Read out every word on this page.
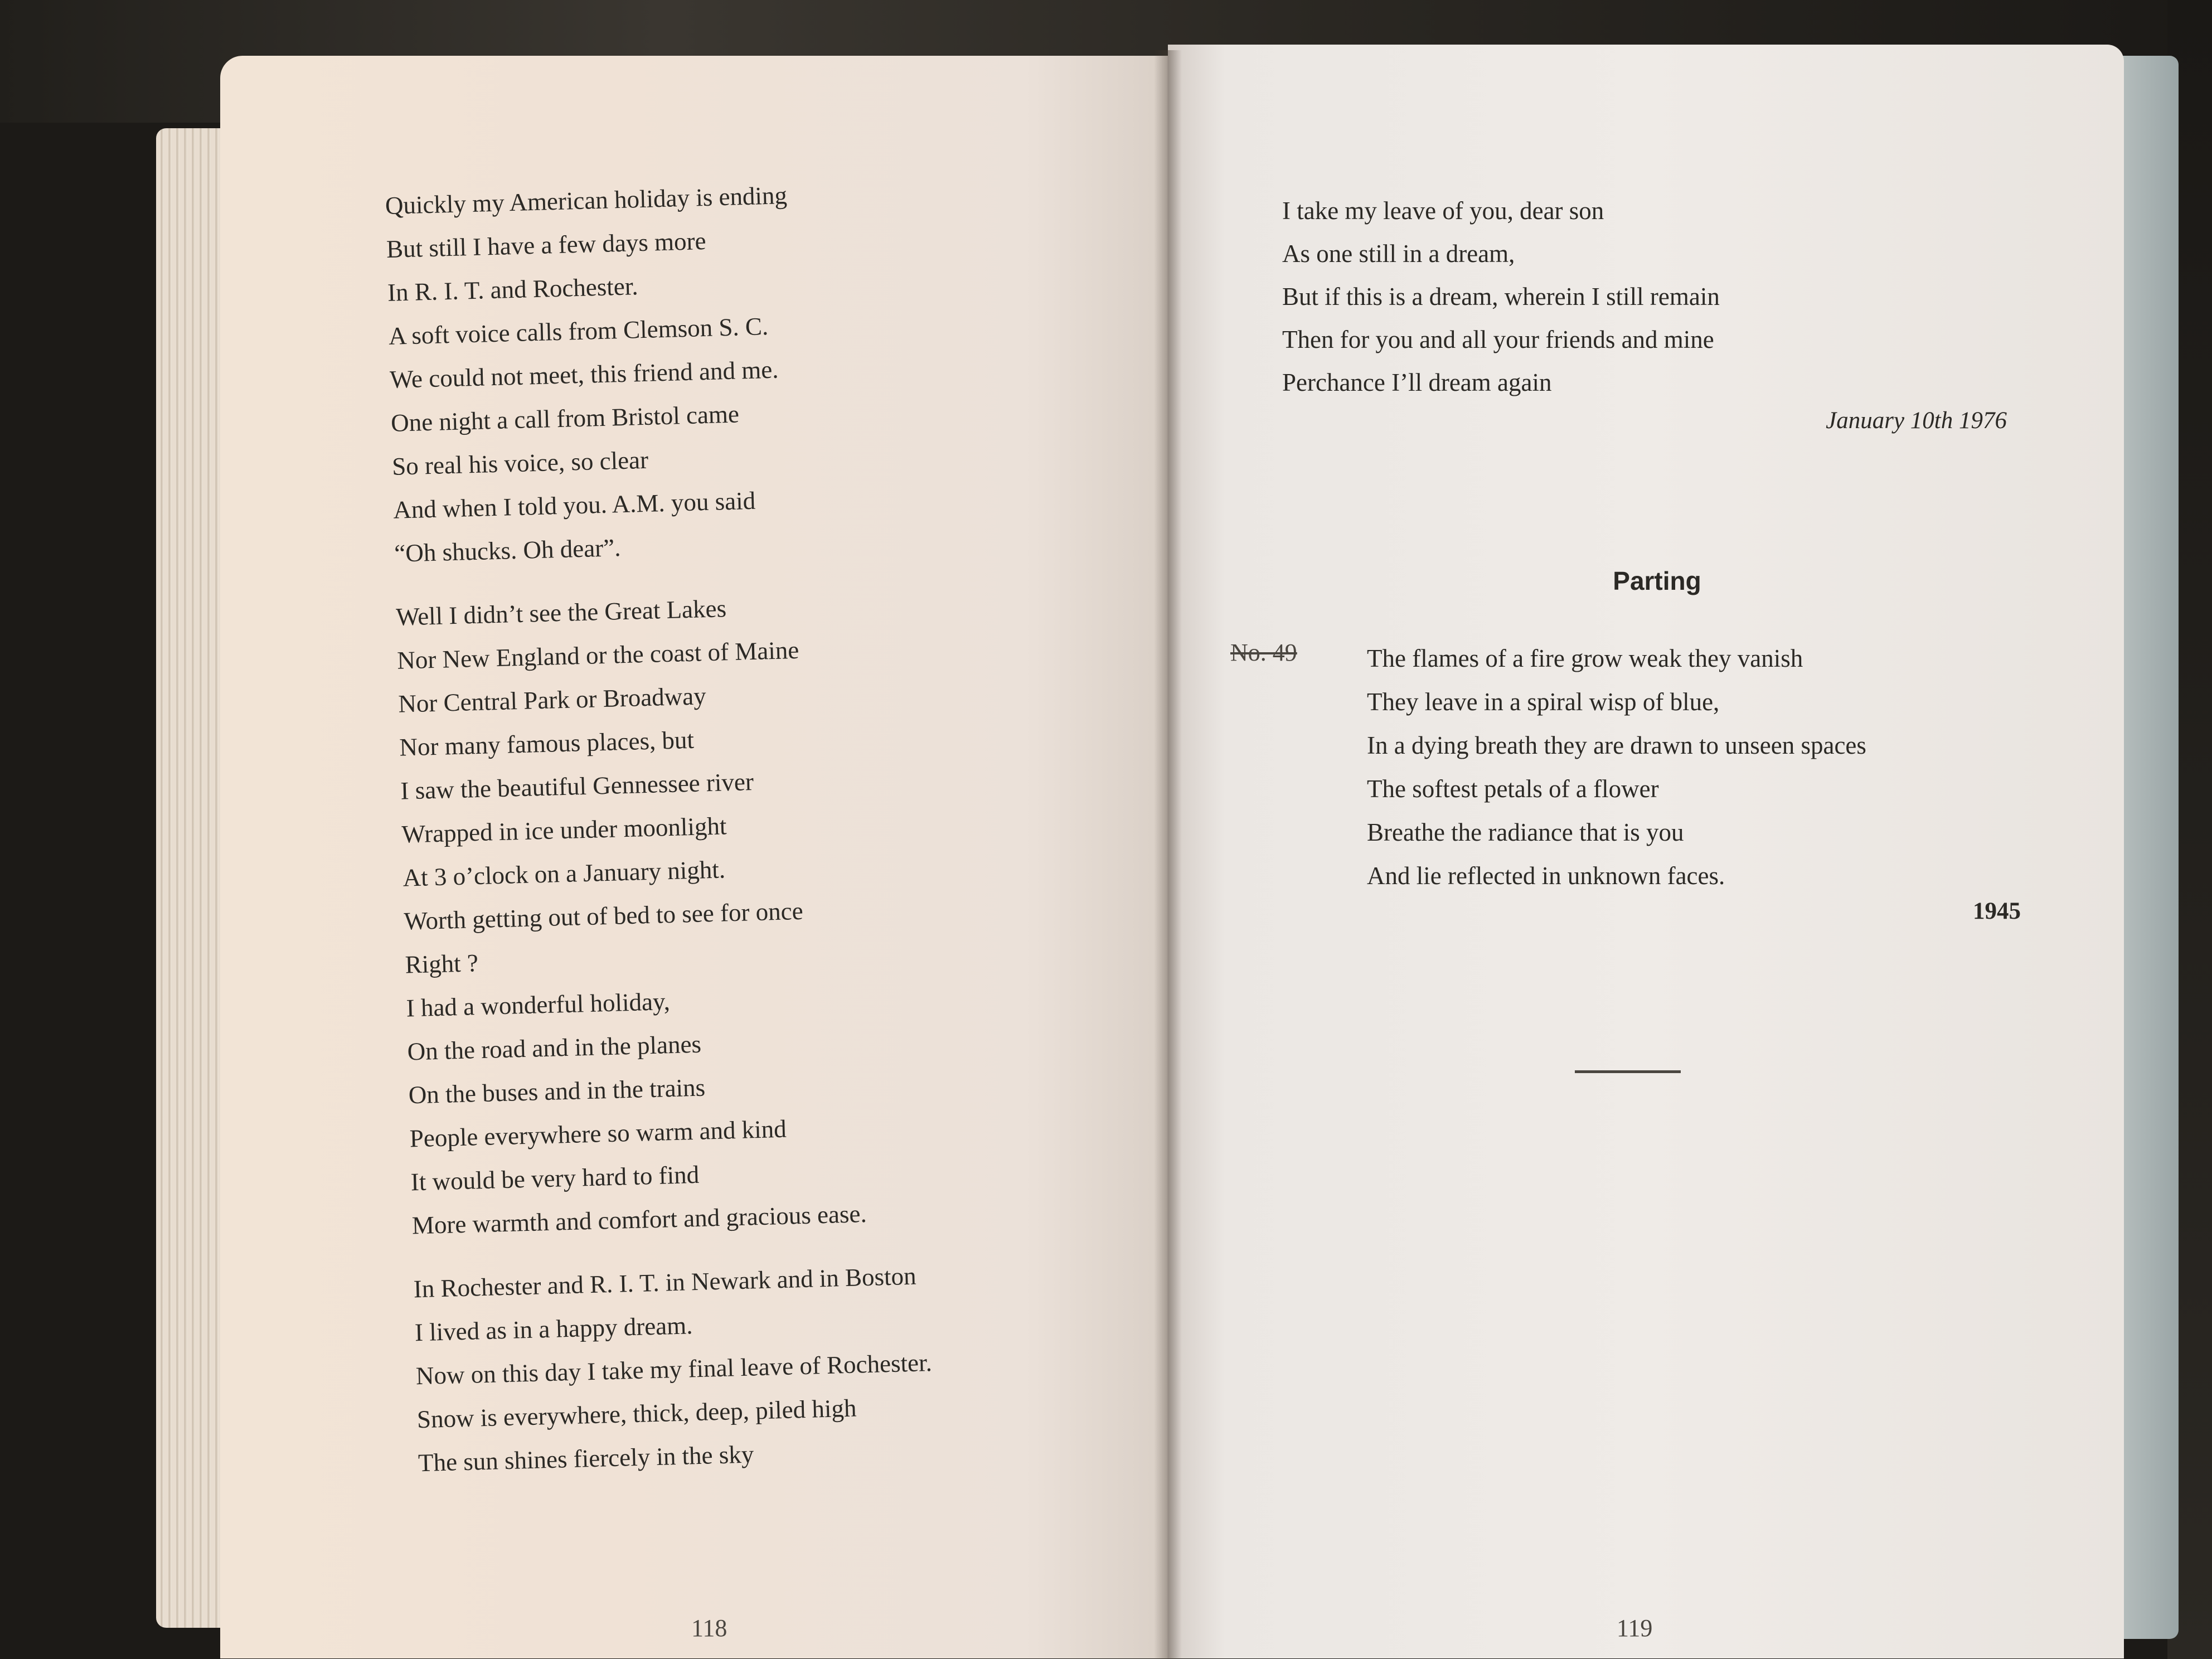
Quickly my American holiday is ending
But still I have a few days more
In R. I. T. and Rochester.
A soft voice calls from Clemson S. C.
We could not meet, this friend and me.
One night a call from Bristol came
So real his voice, so clear
And when I told you. A.M. you said
“Oh shucks. Oh dear”.
Well I didn’t see the Great Lakes
Nor New England or the coast of Maine
Nor Central Park or Broadway
Nor many famous places, but
I saw the beautiful Gennessee river
Wrapped in ice under moonlight
At 3 o’clock on a January night.
Worth getting out of bed to see for once
Right ?
I had a wonderful holiday,
On the road and in the planes
On the buses and in the trains
People everywhere so warm and kind
It would be very hard to find
More warmth and comfort and gracious ease.
In Rochester and R. I. T. in Newark and in Boston
I lived as in a happy dream.
Now on this day I take my final leave of Rochester.
Snow is everywhere, thick, deep, piled high
The sun shines fiercely in the sky
118
I take my leave of you, dear son
As one still in a dream,
But if this is a dream, wherein I still remain
Then for you and all your friends and mine
Perchance I’ll dream again
January 10th 1976
Parting
No. 49	The flames of a fire grow weak they vanish
They leave in a spiral wisp of blue,
In a dying breath they are drawn to unseen spaces
The softest petals of a flower
Breathe the radiance that is you
And lie reflected in unknown faces.
1945
119
